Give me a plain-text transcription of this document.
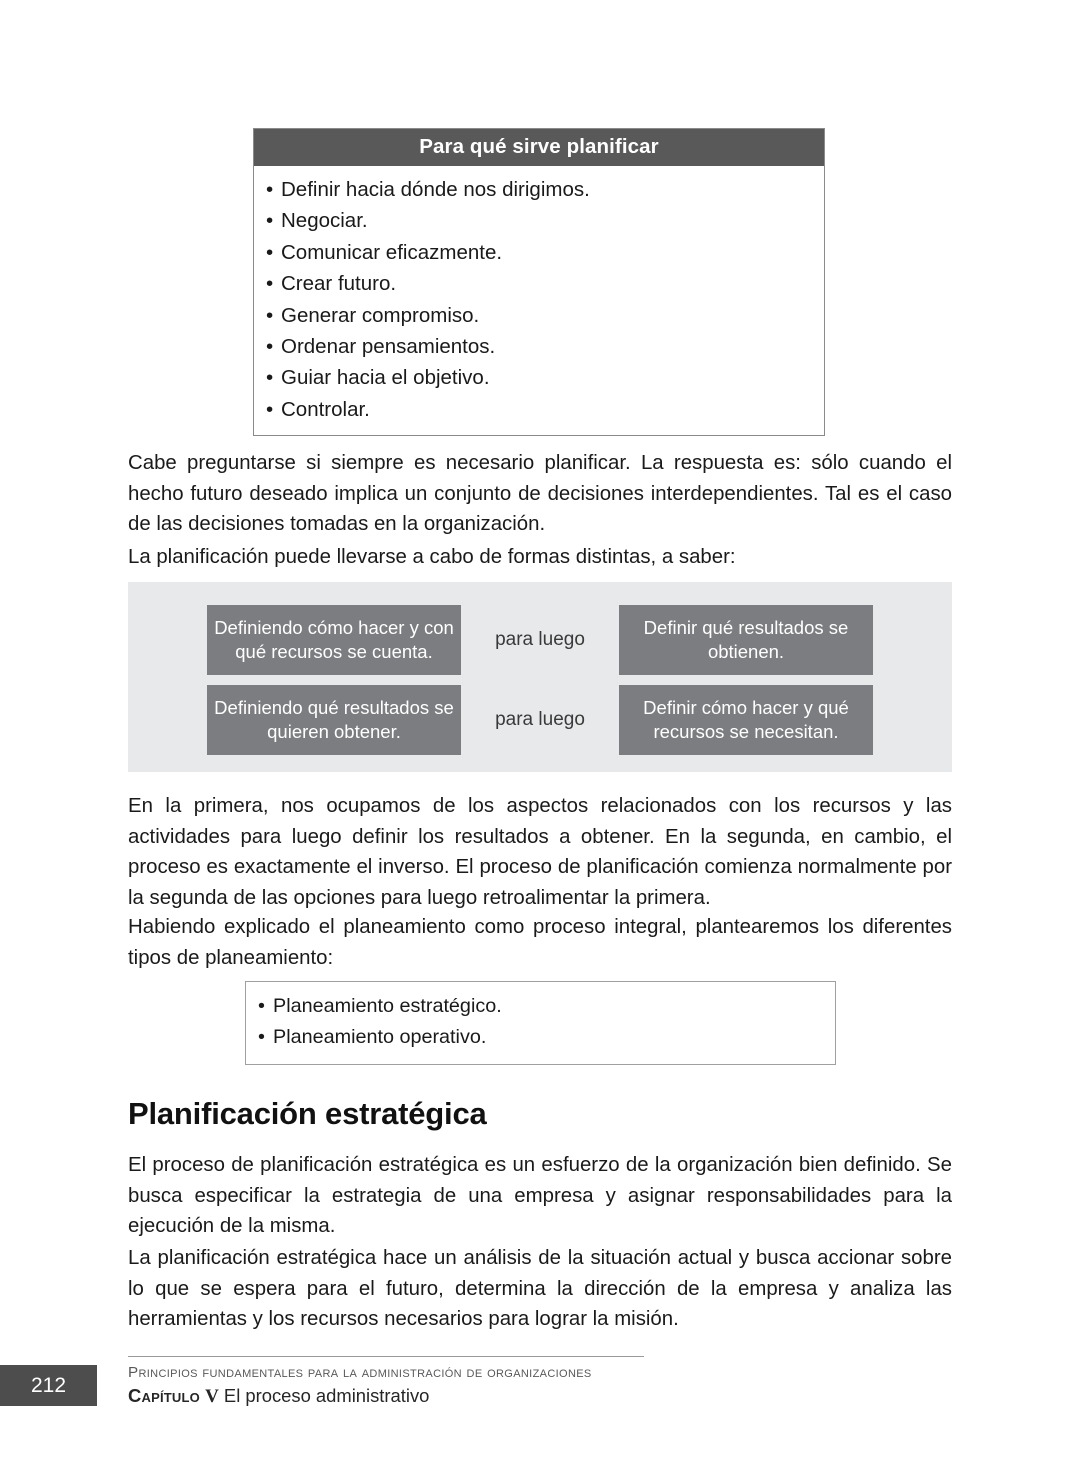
Para qué sirve planificar
• Definir hacia dónde nos dirigimos.
• Negociar.
• Comunicar eficazmente.
• Crear futuro.
• Generar compromiso.
• Ordenar pensamientos.
• Guiar hacia el objetivo.
• Controlar.
Cabe preguntarse si siempre es necesario planificar. La respuesta es: sólo cuando el hecho futuro deseado implica un conjunto de decisiones interdependientes. Tal es el caso de las decisiones tomadas en la organización.
La planificación puede llevarse a cabo de formas distintas, a saber:
Definiendo cómo hacer y con qué recursos se cuenta.
para luego
Definir qué resultados se obtienen.
Definiendo qué resultados se quieren obtener.
para luego
Definir cómo hacer y qué recursos se necesitan.
En la primera, nos ocupamos de los aspectos relacionados con los recursos y las actividades para luego definir los resultados a obtener. En la segunda, en cambio, el proceso es exactamente el inverso. El proceso de planificación comienza normalmente por la segunda de las opciones para luego retroalimentar la primera.
Habiendo explicado el planeamiento como proceso integral, plantearemos los diferentes tipos de planeamiento:
• Planeamiento estratégico.
• Planeamiento operativo.
Planificación estratégica
El proceso de planificación estratégica es un esfuerzo de la organización bien definido. Se busca especificar la estrategia de una empresa y asignar responsabilidades para la ejecución de la misma.
La planificación estratégica hace un análisis de la situación actual y busca accionar sobre lo que se espera para el futuro, determina la dirección de la empresa y analiza las herramientas y los recursos necesarios para lograr la misión.
212
Principios fundamentales para la administración de organizaciones
Capítulo V El proceso administrativo
